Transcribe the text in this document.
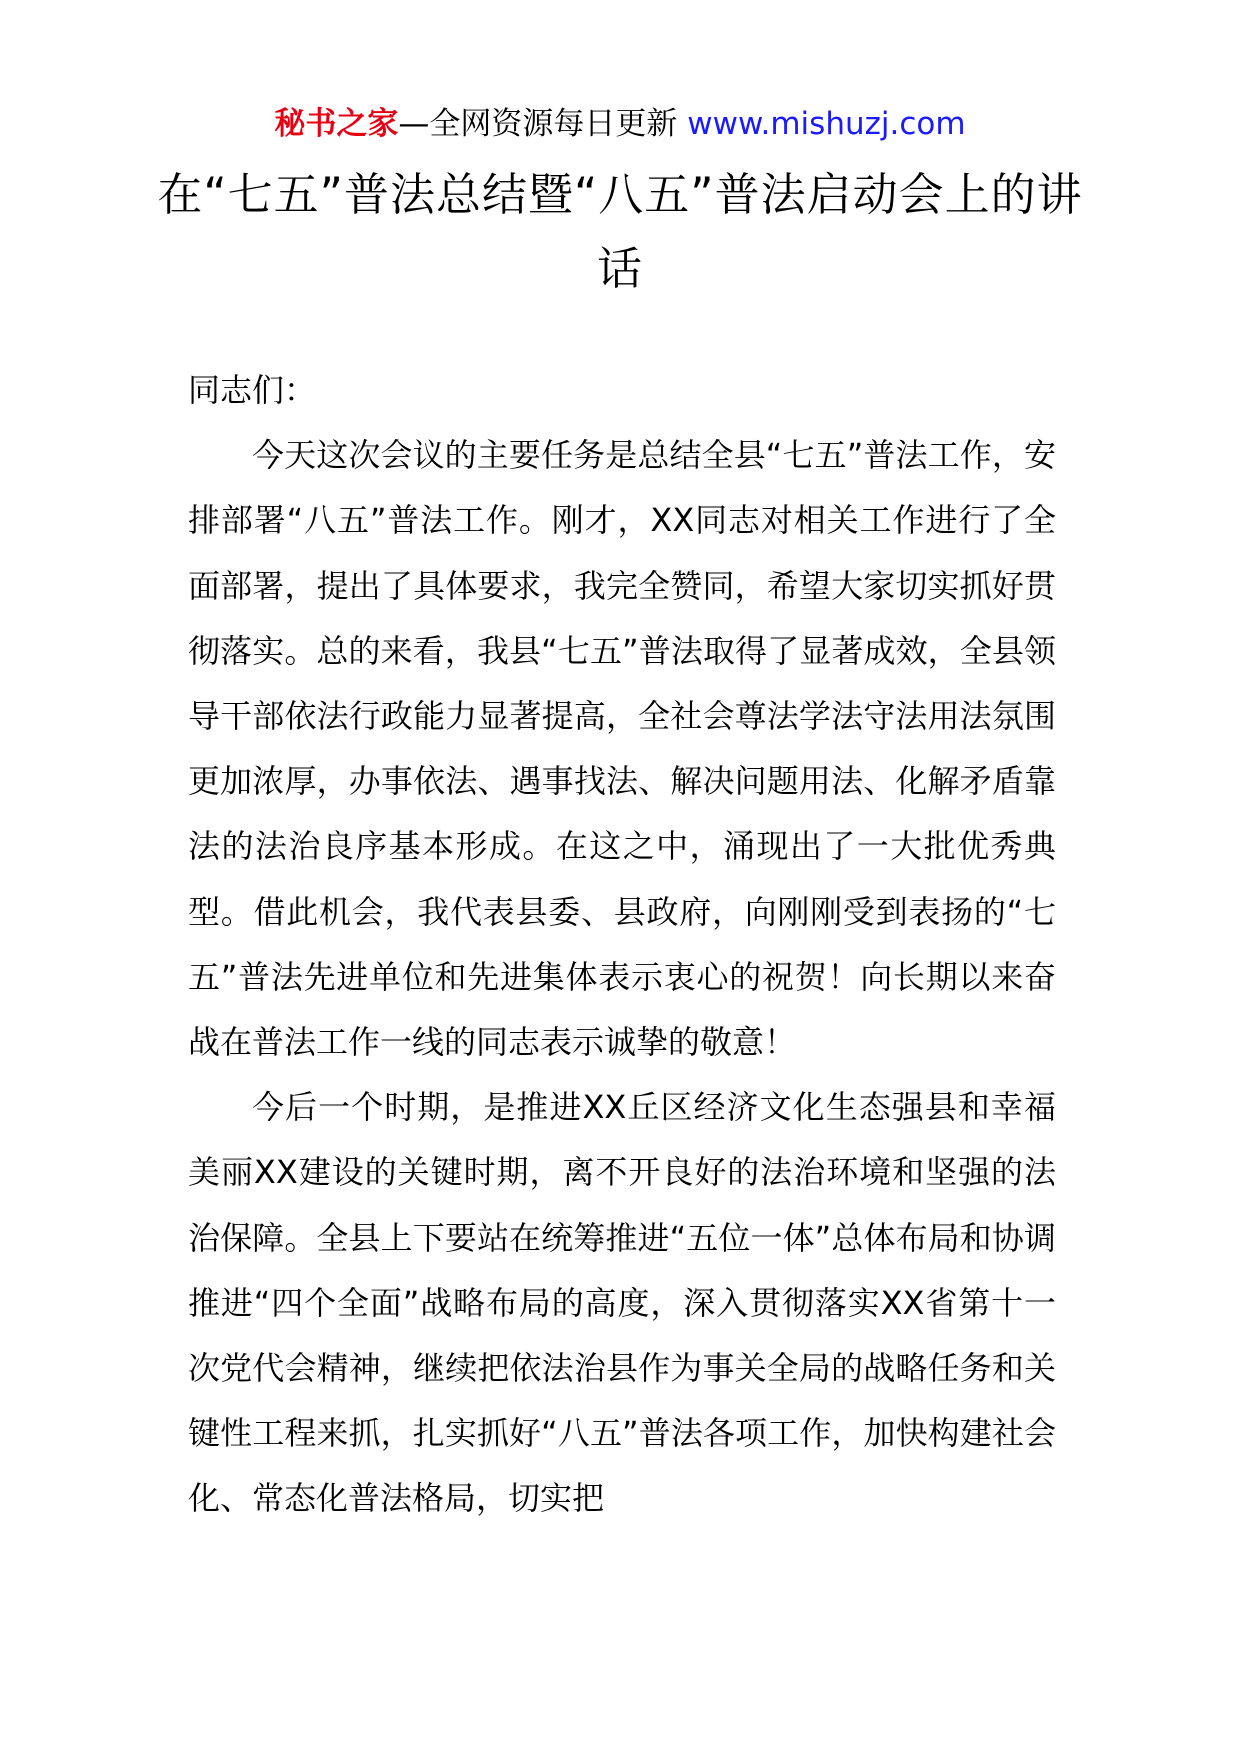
秘书之家—全网资源每日更新 www.mishuzj.com
在“七五”普法总结暨“八五”普法启动会上的讲话

同志们：

今天这次会议的主要任务是总结全县“七五”普法工作，安排部署“八五”普法工作。刚才，XX同志对相关工作进行了全面部署，提出了具体要求，我完全赞同，希望大家切实抓好贯彻落实。总的来看，我县“七五”普法取得了显著成效，全县领导干部依法行政能力显著提高，全社会尊法学法守法用法氛围更加浓厚，办事依法、遇事找法、解决问题用法、化解矛盾靠法的法治良序基本形成。在这之中，涌现出了一大批优秀典型。借此机会，我代表县委、县政府，向刚刚受到表扬的“七五”普法先进单位和先进集体表示衷心的祝贺！向长期以来奋战在普法工作一线的同志表示诚挚的敬意！

今后一个时期，是推进XX丘区经济文化生态强县和幸福美丽XX建设的关键时期，离不开良好的法治环境和坚强的法治保障。全县上下要站在统筹推进“五位一体”总体布局和协调推进“四个全面”战略布局的高度，深入贯彻落实XX省第十一次党代会精神，继续把依法治县作为事关全局的战略任务和关键性工程来抓，扎实抓好“八五”普法各项工作，加快构建社会化、常态化普法格局，切实把
